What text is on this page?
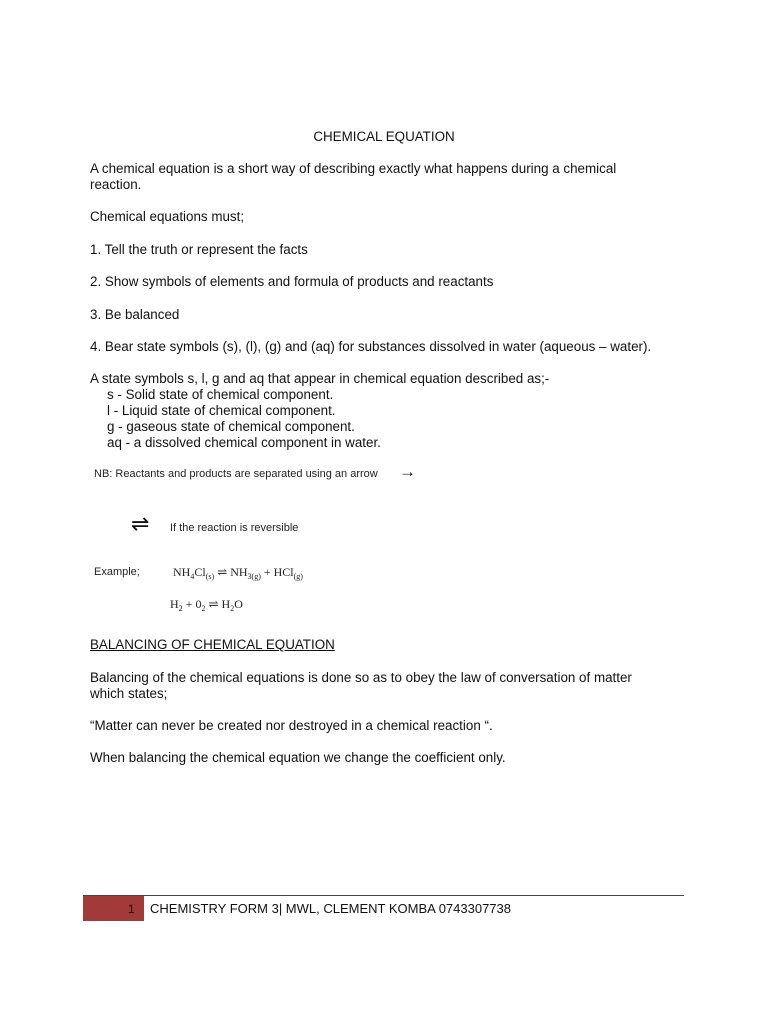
CHEMICAL EQUATION
A chemical equation is a short way of describing exactly what happens during a chemical
reaction.
Chemical equations must;
1. Tell the truth or represent the facts
2. Show symbols of elements and formula of products and reactants
3. Be balanced
4. Bear state symbols (s), (l), (g) and (aq) for substances dissolved in water (aqueous – water).
A state symbols s, l, g and aq that appear in chemical equation described as;-
s - Solid state of chemical component.
l - Liquid state of chemical component.
g - gaseous state of chemical component.
aq - a dissolved chemical component in water.
NB: Reactants and products are separated using an arrow →
⇌ If the reaction is reversible
Example;	$NH_4Cl_{(s)}$ ⇌ $NH_{3(g)} + HCl_{(g)}$
$H_2 + 0_2$ ⇌ $H_2O$
BALANCING OF CHEMICAL EQUATION
Balancing of the chemical equations is done so as to obey the law of conversation of matter
which states;
“Matter can never be created nor destroyed in a chemical reaction “.
When balancing the chemical equation we change the coefficient only.
1 CHEMISTRY FORM 3| MWL, CLEMENT KOMBA 0743307738
